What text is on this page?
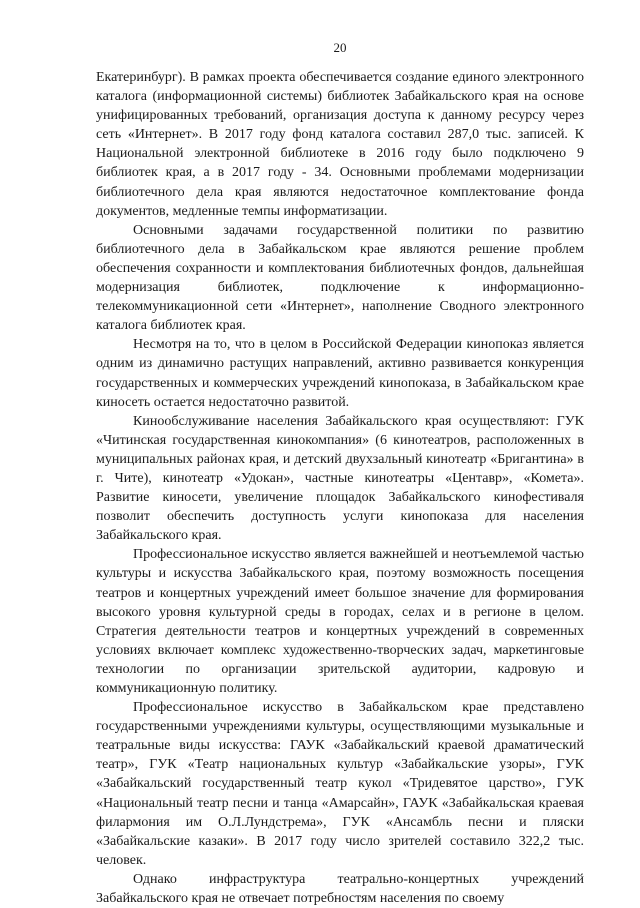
20

Екатеринбург). В рамках проекта обеспечивается создание единого электронного каталога (информационной системы) библиотек Забайкальского края на основе унифицированных требований, организация доступа к данному ресурсу через сеть «Интернет». В 2017 году фонд каталога составил 287,0 тыс. записей. К Национальной электронной библиотеке в 2016 году было подключено 9 библиотек края, а в 2017 году - 34. Основными проблемами модернизации библиотечного дела края являются недостаточное комплектование фонда документов, медленные темпы информатизации.

Основными задачами государственной политики по развитию библиотечного дела в Забайкальском крае являются решение проблем обеспечения сохранности и комплектования библиотечных фондов, дальнейшая модернизация библиотек, подключение к информационно-телекоммуникационной сети «Интернет», наполнение Сводного электронного каталога библиотек края.

Несмотря на то, что в целом в Российской Федерации кинопоказ является одним из динамично растущих направлений, активно развивается конкуренция государственных и коммерческих учреждений кинопоказа, в Забайкальском крае киносеть остается недостаточно развитой.

Кинообслуживание населения Забайкальского края осуществляют: ГУК «Читинская государственная кинокомпания» (6 кинотеатров, расположенных в муниципальных районах края, и детский двухзальный кинотеатр «Бригантина» в г. Чите), кинотеатр «Удокан», частные кинотеатры «Центавр», «Комета». Развитие киносети, увеличение площадок Забайкальского кинофестиваля позволит обеспечить доступность услуги кинопоказа для населения Забайкальского края.

Профессиональное искусство является важнейшей и неотъемлемой частью культуры и искусства Забайкальского края, поэтому возможность посещения театров и концертных учреждений имеет большое значение для формирования высокого уровня культурной среды в городах, селах и в регионе в целом. Стратегия деятельности театров и концертных учреждений в современных условиях включает комплекс художественно-творческих задач, маркетинговые технологии по организации зрительской аудитории, кадровую и коммуникационную политику.

Профессиональное искусство в Забайкальском крае представлено государственными учреждениями культуры, осуществляющими музыкальные и театральные виды искусства: ГАУК «Забайкальский краевой драматический театр», ГУК «Театр национальных культур «Забайкальские узоры», ГУК «Забайкальский государственный театр кукол «Тридевятое царство», ГУК «Национальный театр песни и танца «Амарсайн», ГАУК «Забайкальская краевая филармония им О.Л.Лундстрема», ГУК «Ансамбль песни и пляски «Забайкальские казаки». В 2017 году число зрителей составило 322,2 тыс. человек.

Однако инфраструктура театрально-концертных учреждений Забайкальского края не отвечает потребностям населения по своему
